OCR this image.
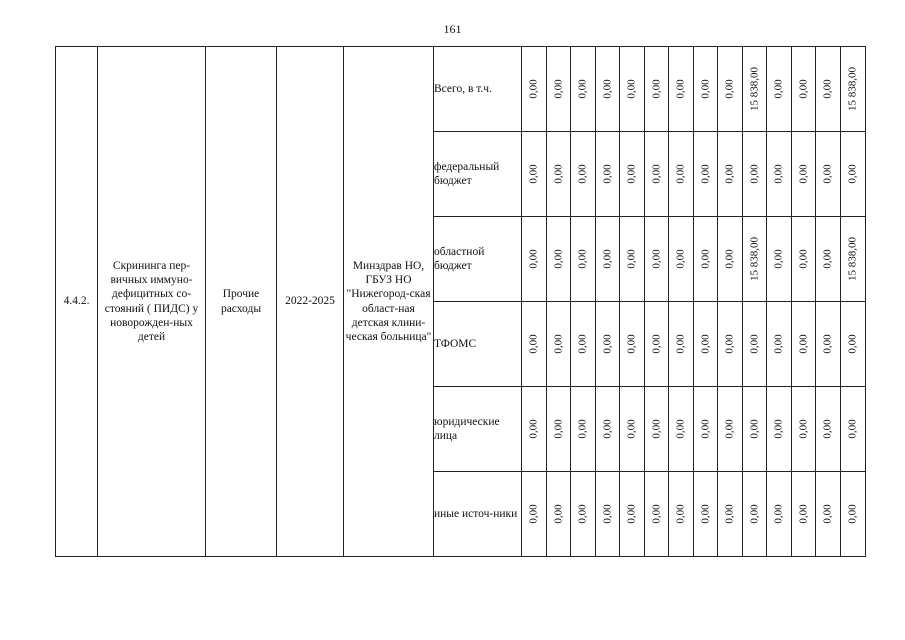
161
4.4.2.	Скрининга пер-вичных иммуно-дефицитных со-стояний ( ПИДС) у новорожден-ных детей	Прочие расходы	2022-2025	Минздрав НО, ГБУЗ НО "Нижегород-ская област-ная детская клини-ческая больница"	Всего, в т.ч.	0,00	0,00	0,00	0,00	0,00	0,00	0,00	0,00	0,00	15 838,00	0,00	0,00	0,00	15 838,00

					федеральный бюджет	0,00	0,00	0,00	0,00	0,00	0,00	0,00	0,00	0,00	0,00	0,00	0,00	0,00	0,00

					областной бюджет	0,00	0,00	0,00	0,00	0,00	0,00	0,00	0,00	0,00	15 838,00	0,00	0,00	0,00	15 838,00

					ТФОМС	0,00	0,00	0,00	0,00	0,00	0,00	0,00	0,00	0,00	0,00	0,00	0,00	0,00	0,00

					юридические лица	0,00	0,00	0,00	0,00	0,00	0,00	0,00	0,00	0,00	0,00	0,00	0,00	0,00	0,00

					иные источ-ники	0,00	0,00	0,00	0,00	0,00	0,00	0,00	0,00	0,00	0,00	0,00	0,00	0,00	0,00
